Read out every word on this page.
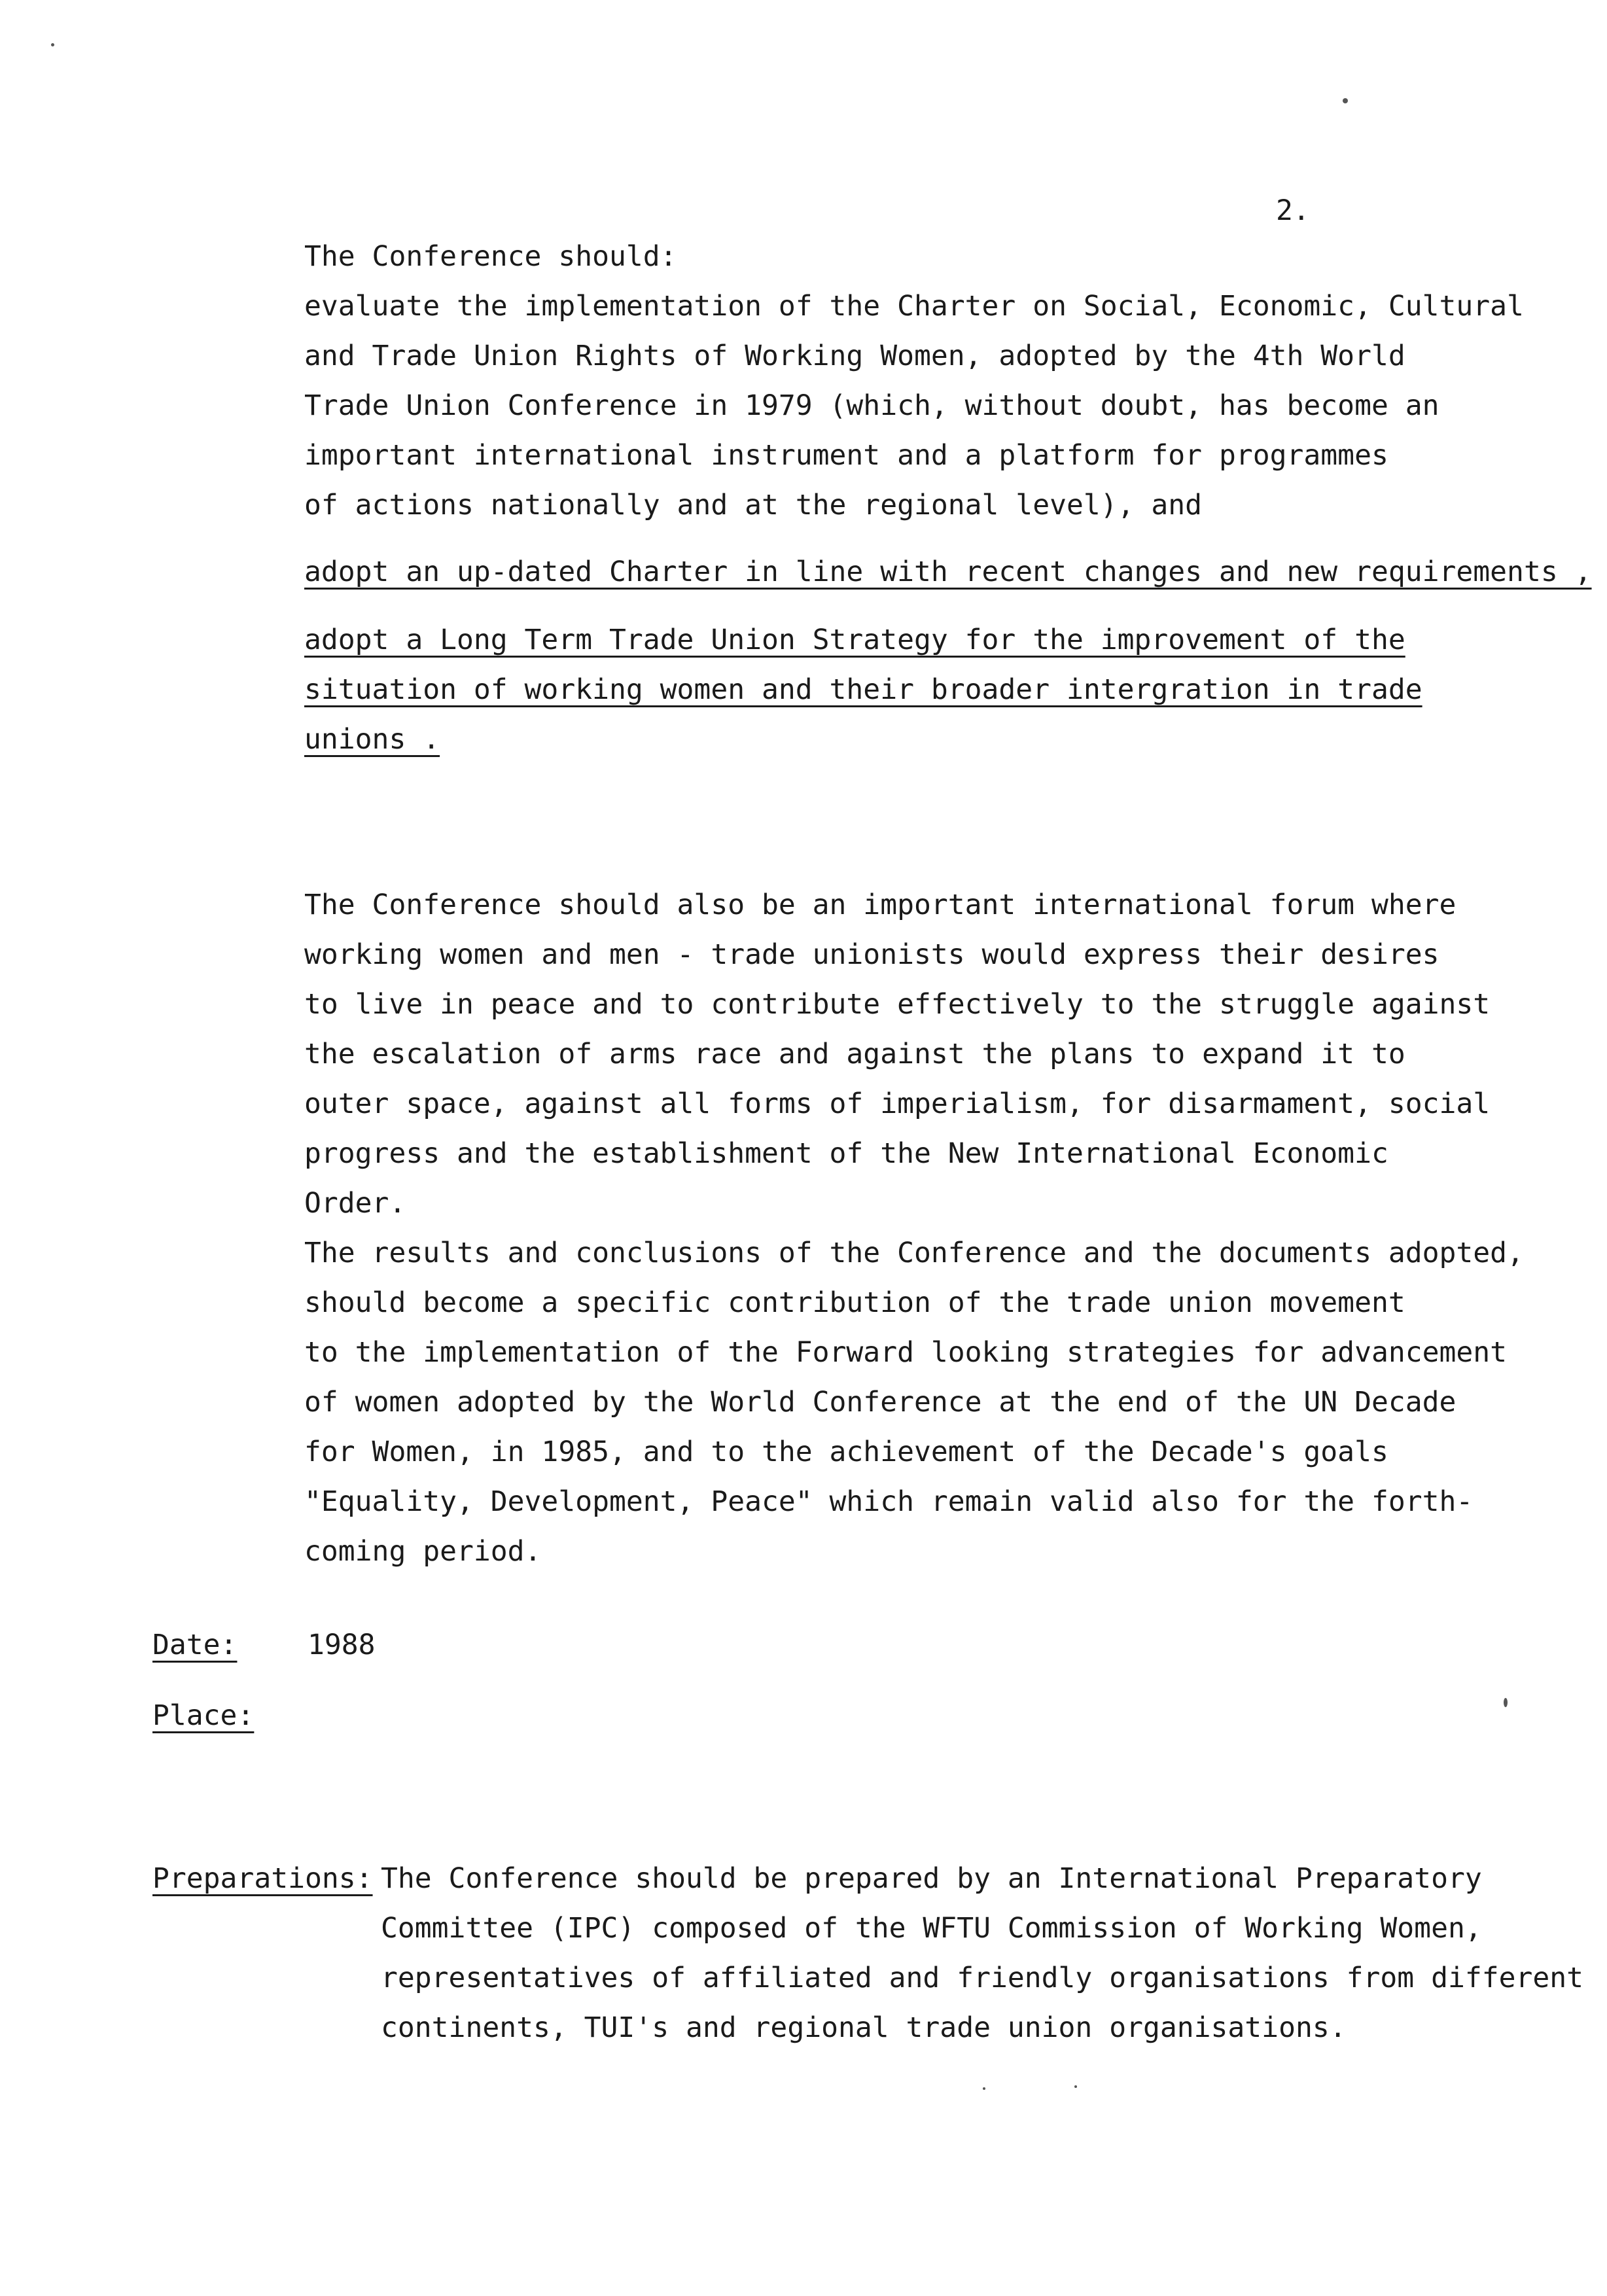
2.
The Conference should:
evaluate the implementation of the Charter on Social, Economic, Cultural
and Trade Union Rights of Working Women, adopted by the 4th World
Trade Union Conference in 1979 (which, without doubt, has become an
important international instrument and a platform for programmes
of actions nationally and at the regional level), and
adopt an up-dated Charter in line with recent changes and new requirements ,
adopt a Long Term Trade Union Strategy for the improvement of the
situation of working women and their broader intergration in trade
unions .
The Conference should also be an important international forum where
working women and men - trade unionists would express their desires
to live in peace and to contribute effectively to the struggle against
the escalation of arms race and against the plans to expand it to
outer space, against all forms of imperialism, for disarmament, social
progress and the establishment of the New International Economic
Order.
The results and conclusions of the Conference and the documents adopted,
should become a specific contribution of the trade union movement
to the implementation of the Forward looking strategies for advancement
of women adopted by the World Conference at the end of the UN Decade
for Women, in 1985, and to the achievement of the Decade's goals
"Equality, Development, Peace" which remain valid also for the forth-
coming period.
Date:	1988
Place:
Preparations: The Conference should be prepared by an International Preparatory
Committee (IPC) composed of the WFTU Commission of Working Women,
representatives of affiliated and friendly organisations from different
continents, TUI's and regional trade union organisations.
